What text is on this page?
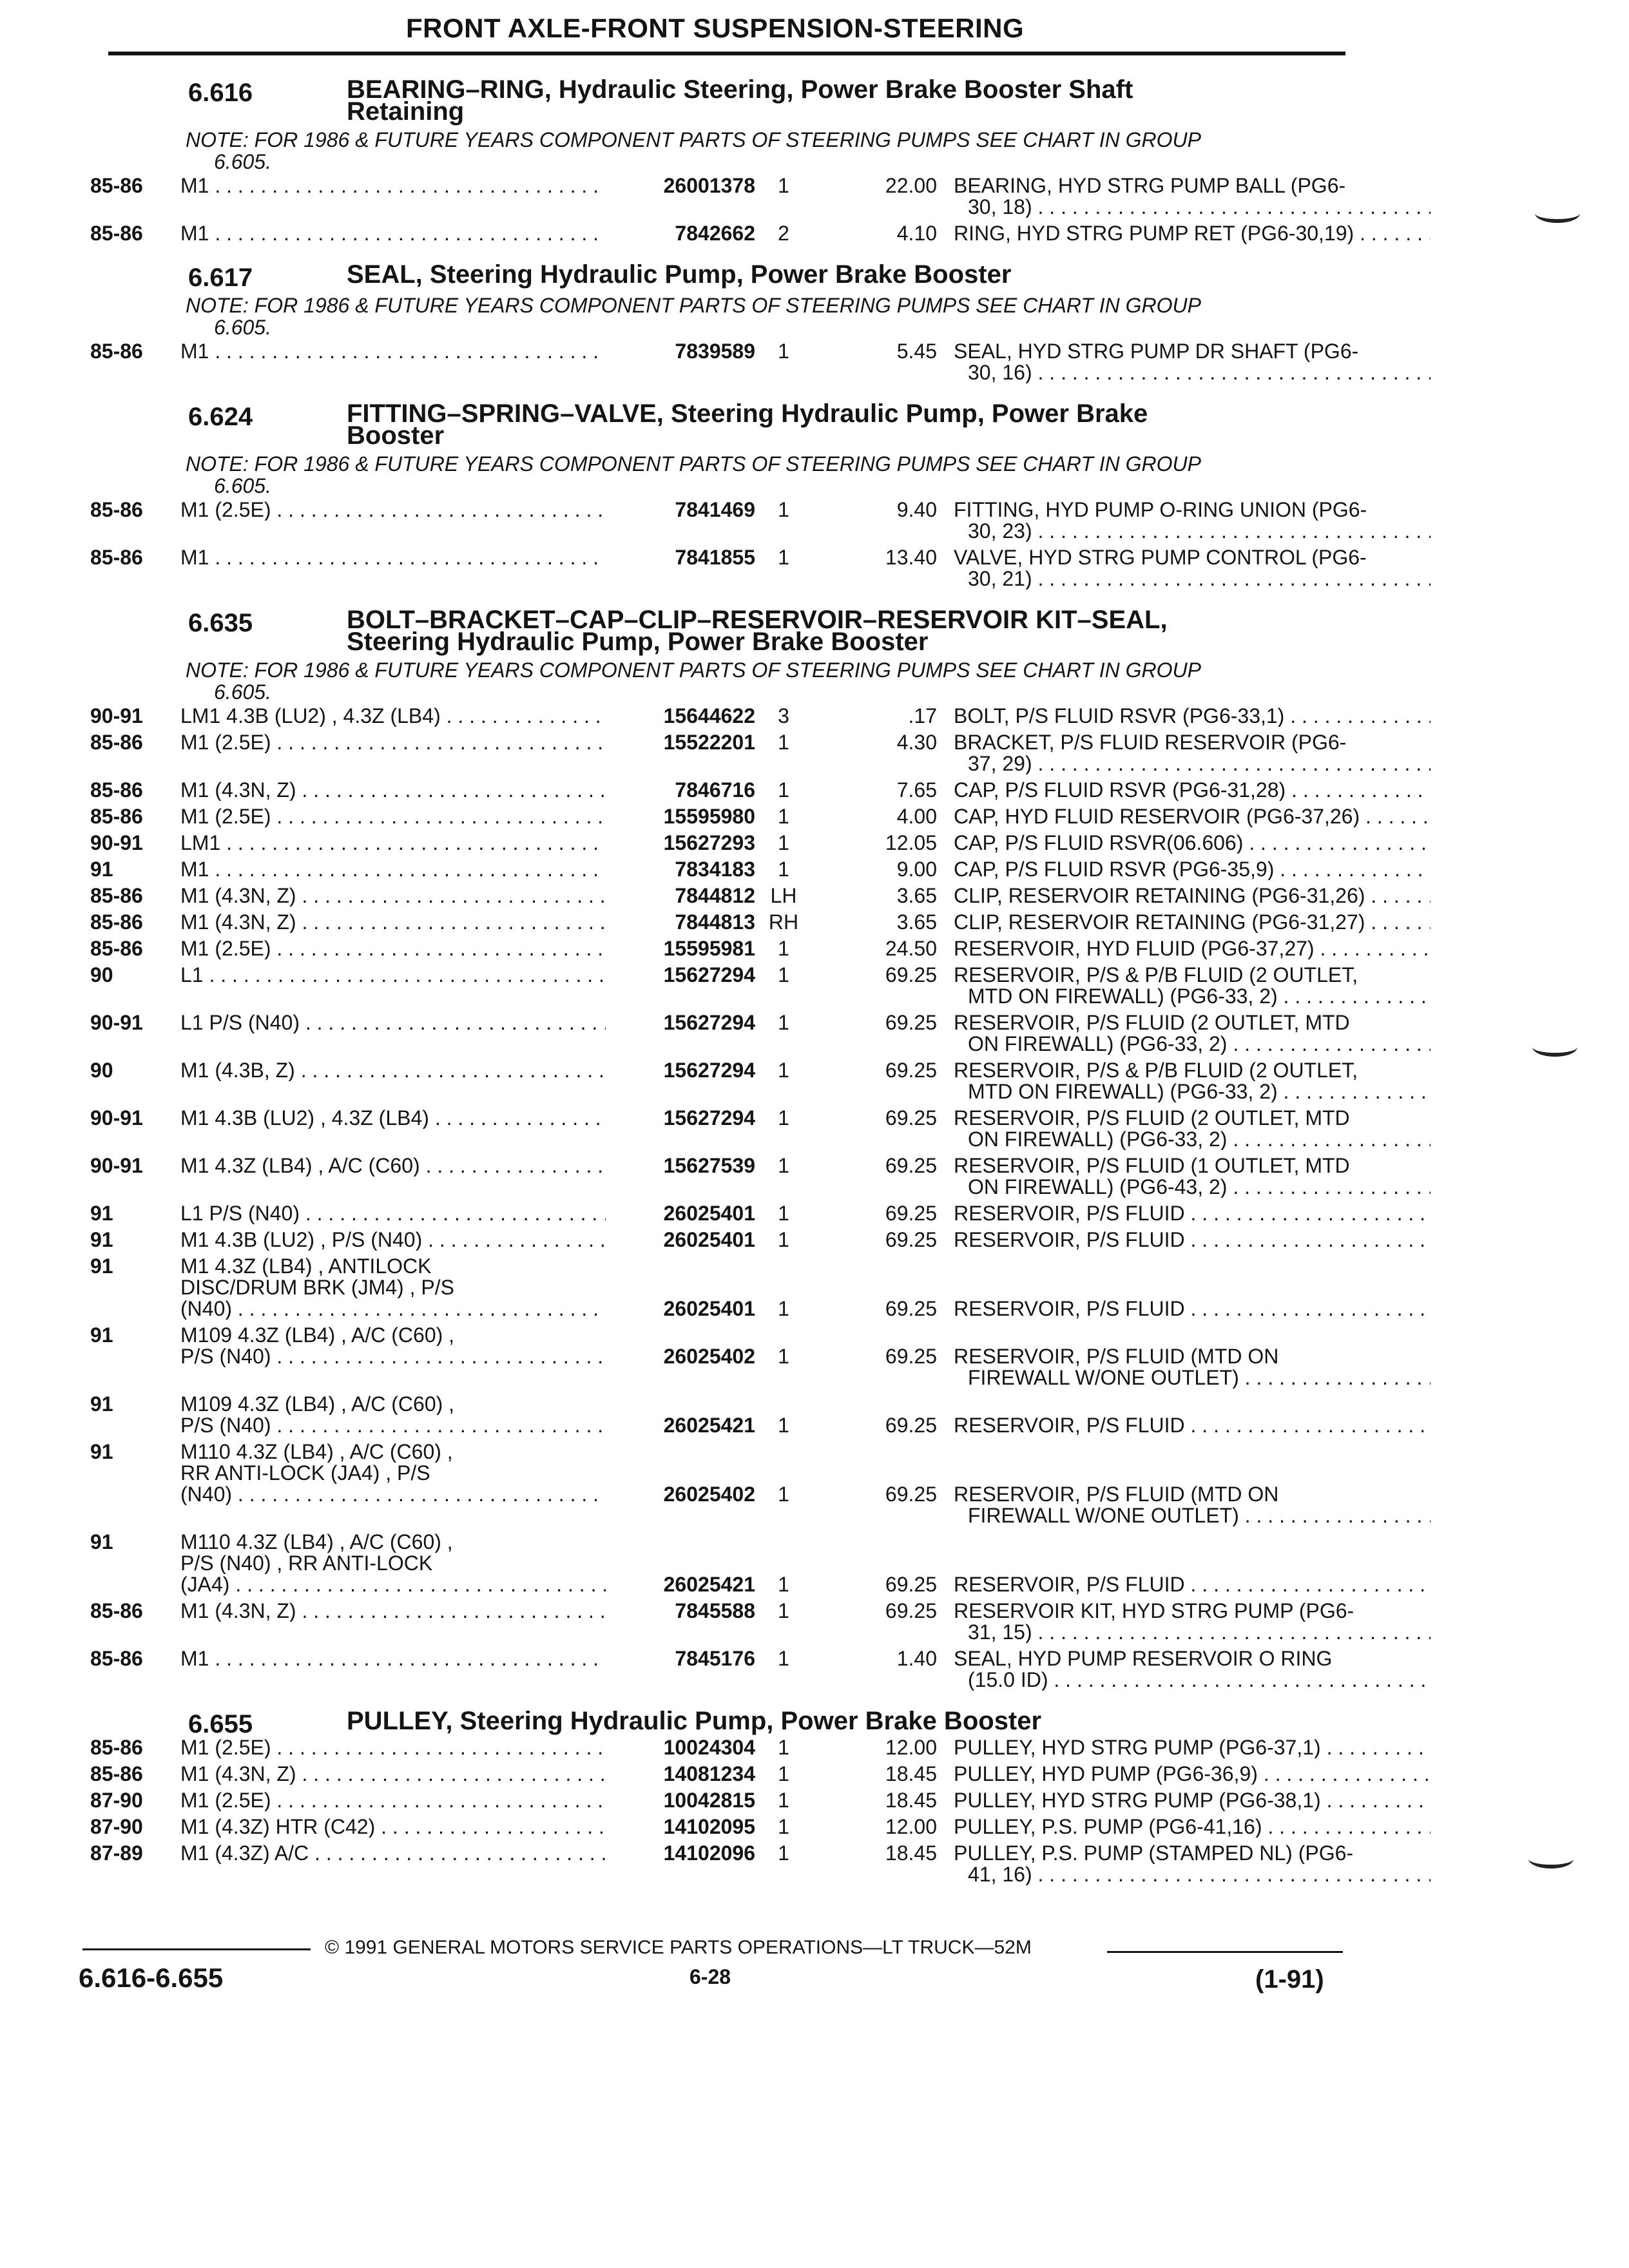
FRONT AXLE-FRONT SUSPENSION-STEERING
6.616	BEARING–RING, Hydraulic Steering, Power Brake Booster Shaft
Retaining
NOTE: FOR 1986 & FUTURE YEARS COMPONENT PARTS OF STEERING PUMPS SEE CHART IN GROUP
6.605.
85-86	M1 . . .	26001378	1	22.00 BEARING, HYD STRG PUMP BALL (PG6-
30, 18) . . .
85-86	M1 . . .	7842662	2	4.10 RING, HYD STRG PUMP RET (PG6-30,19) . . .
6.617	SEAL, Steering Hydraulic Pump, Power Brake Booster
NOTE: FOR 1986 & FUTURE YEARS COMPONENT PARTS OF STEERING PUMPS SEE CHART IN GROUP
6.605.
85-86	M1 . . .	7839589	1	5.45 SEAL, HYD STRG PUMP DR SHAFT (PG6-
30, 16) . . .
6.624	FITTING–SPRING–VALVE, Steering Hydraulic Pump, Power Brake
Booster
NOTE: FOR 1986 & FUTURE YEARS COMPONENT PARTS OF STEERING PUMPS SEE CHART IN GROUP
6.605.
85-86	M1 (2.5E) . . .	7841469	1	9.40 FITTING, HYD PUMP O-RING UNION (PG6-
30, 23) . . .
85-86	M1 . . .	7841855	1	13.40 VALVE, HYD STRG PUMP CONTROL (PG6-
30, 21) . . .
6.635	BOLT–BRACKET–CAP–CLIP–RESERVOIR–RESERVOIR KIT–SEAL,
Steering Hydraulic Pump, Power Brake Booster
NOTE: FOR 1986 & FUTURE YEARS COMPONENT PARTS OF STEERING PUMPS SEE CHART IN GROUP
6.605.
90-91	LM1 4.3B (LU2) , 4.3Z (LB4) . . .	15644622	3	.17 BOLT, P/S FLUID RSVR (PG6-33,1) . . .
85-86	M1 (2.5E) . . .	15522201	1	4.30 BRACKET, P/S FLUID RESERVOIR (PG6-
37, 29) . . .
85-86	M1 (4.3N, Z) . . .	7846716	1	7.65 CAP, P/S FLUID RSVR (PG6-31,28) . . .
85-86	M1 (2.5E) . . .	15595980	1	4.00 CAP, HYD FLUID RESERVOIR (PG6-37,26) . . .
90-91	LM1 . . .	15627293	1	12.05 CAP, P/S FLUID RSVR(06.606) . . .
91	M1 . . .	7834183	1	9.00 CAP, P/S FLUID RSVR (PG6-35,9) . . .
85-86	M1 (4.3N, Z) . . .	7844812 LH	3.65 CLIP, RESERVOIR RETAINING (PG6-31,26) . . .
85-86	M1 (4.3N, Z) . . .	7844813 RH	3.65 CLIP, RESERVOIR RETAINING (PG6-31,27) . . .
85-86	M1 (2.5E) . . .	15595981	1	24.50 RESERVOIR, HYD FLUID (PG6-37,27) . . .
90	L1 . . .	15627294	1	69.25 RESERVOIR, P/S & P/B FLUID (2 OUTLET,
MTD ON FIREWALL) (PG6-33, 2) . . .
90-91	L1 P/S (N40) . . .	15627294	1	69.25 RESERVOIR, P/S FLUID (2 OUTLET, MTD
ON FIREWALL) (PG6-33, 2) . . .
90	M1 (4.3B, Z) . . .	15627294	1	69.25 RESERVOIR, P/S & P/B FLUID (2 OUTLET,
MTD ON FIREWALL) (PG6-33, 2) . . .
90-91	M1 4.3B (LU2) , 4.3Z (LB4) . . .	15627294	1	69.25 RESERVOIR, P/S FLUID (2 OUTLET, MTD
ON FIREWALL) (PG6-33, 2) . . .
90-91	M1 4.3Z (LB4) , A/C (C60) . . .	15627539	1	69.25 RESERVOIR, P/S FLUID (1 OUTLET, MTD
ON FIREWALL) (PG6-43, 2) . . .
91	L1 P/S (N40) . . .	26025401	1	69.25 RESERVOIR, P/S FLUID . . .
91	M1 4.3B (LU2) , P/S (N40) . . .	26025401	1	69.25 RESERVOIR, P/S FLUID . . .
91	M1 4.3Z (LB4) , ANTILOCK
DISC/DRUM BRK (JM4) , P/S
(N40) . . .	26025401	1	69.25 RESERVOIR, P/S FLUID . . .
91	M109 4.3Z (LB4) , A/C (C60) ,
P/S (N40) . . .	26025402	1	69.25 RESERVOIR, P/S FLUID (MTD ON
FIREWALL W/ONE OUTLET) . . .
91	M109 4.3Z (LB4) , A/C (C60) ,
P/S (N40) . . .	26025421	1	69.25 RESERVOIR, P/S FLUID . . .
91	M110 4.3Z (LB4) , A/C (C60) ,
RR ANTI-LOCK (JA4) , P/S
(N40) . . .	26025402	1	69.25 RESERVOIR, P/S FLUID (MTD ON
FIREWALL W/ONE OUTLET) . . .
91	M110 4.3Z (LB4) , A/C (C60) ,
P/S (N40) , RR ANTI-LOCK
(JA4) . . .	26025421	1	69.25 RESERVOIR, P/S FLUID . . .
85-86	M1 (4.3N, Z) . . .	7845588	1	69.25 RESERVOIR KIT, HYD STRG PUMP (PG6-
31, 15) . . .
85-86	M1 . . .	7845176	1	1.40 SEAL, HYD PUMP RESERVOIR O RING
(15.0 ID) . . .
6.655	PULLEY, Steering Hydraulic Pump, Power Brake Booster
85-86	M1 (2.5E) . . .	10024304	1	12.00 PULLEY, HYD STRG PUMP (PG6-37,1) . . .
85-86	M1 (4.3N, Z) . . .	14081234	1	18.45 PULLEY, HYD PUMP (PG6-36,9) . . .
87-90	M1 (2.5E) . . .	10042815	1	18.45 PULLEY, HYD STRG PUMP (PG6-38,1) . . .
87-90	M1 (4.3Z) HTR (C42) . . .	14102095	1	12.00 PULLEY, P.S. PUMP (PG6-41,16) . . .
87-89	M1 (4.3Z) A/C . . .	14102096	1	18.45 PULLEY, P.S. PUMP (STAMPED NL) (PG6-
41, 16) . . .
© 1991 GENERAL MOTORS SERVICE PARTS OPERATIONS—LT TRUCK—52M
6.616-6.655	6-28	(1-91)
